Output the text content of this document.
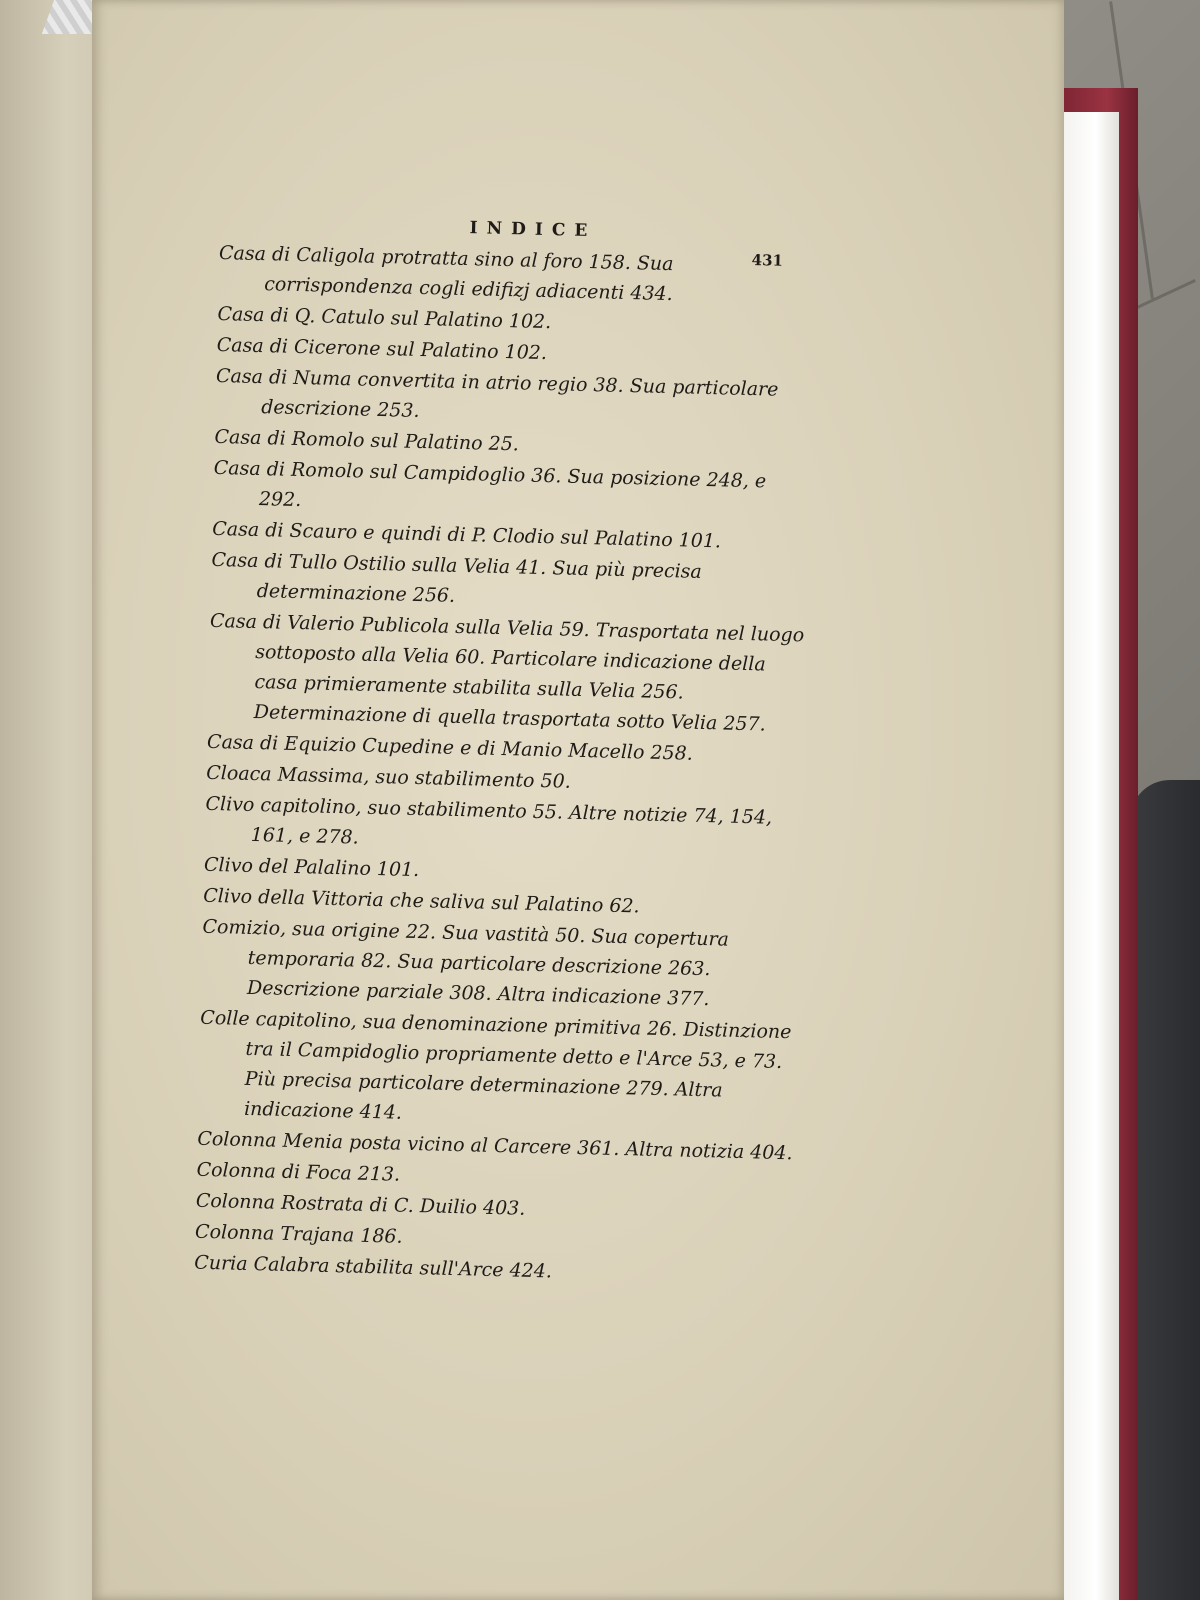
INDICE
431

Casa di Caligola protratta sino al foro 158. Sua corrispondenza cogli edifizj adiacenti 434.

Casa di Q. Catulo sul Palatino 102.

Casa di Cicerone sul Palatino 102.

Casa di Numa convertita in atrio regio 38. Sua particolare descrizione 253.

Casa di Romolo sul Palatino 25.

Casa di Romolo sul Campidoglio 36. Sua posizione 248, e 292.

Casa di Scauro e quindi di P. Clodio sul Palatino 101.

Casa di Tullo Ostilio sulla Velia 41. Sua più precisa determinazione 256.

Casa di Valerio Publicola sulla Velia 59. Trasportata nel luogo sottoposto alla Velia 60. Particolare indicazione della casa primieramente stabilita sulla Velia 256. Determinazione di quella trasportata sotto Velia 257.

Casa di Equizio Cupedine e di Manio Macello 258.

Cloaca Massima, suo stabilimento 50.

Clivo capitolino, suo stabilimento 55. Altre notizie 74, 154, 161, e 278.

Clivo del Palalino 101.

Clivo della Vittoria che saliva sul Palatino 62.

Comizio, sua origine 22. Sua vastità 50. Sua copertura temporaria 82. Sua particolare descrizione 263. Descrizione parziale 308. Altra indicazione 377.

Colle capitolino, sua denominazione primitiva 26. Distinzione tra il Campidoglio propriamente detto e l'Arce 53, e 73. Più precisa particolare determinazione 279. Altra indicazione 414.

Colonna Menia posta vicino al Carcere 361. Altra notizia 404.

Colonna di Foca 213.

Colonna Rostrata di C. Duilio 403.

Colonna Trajana 186.

Curia Calabra stabilita sull'Arce 424.
